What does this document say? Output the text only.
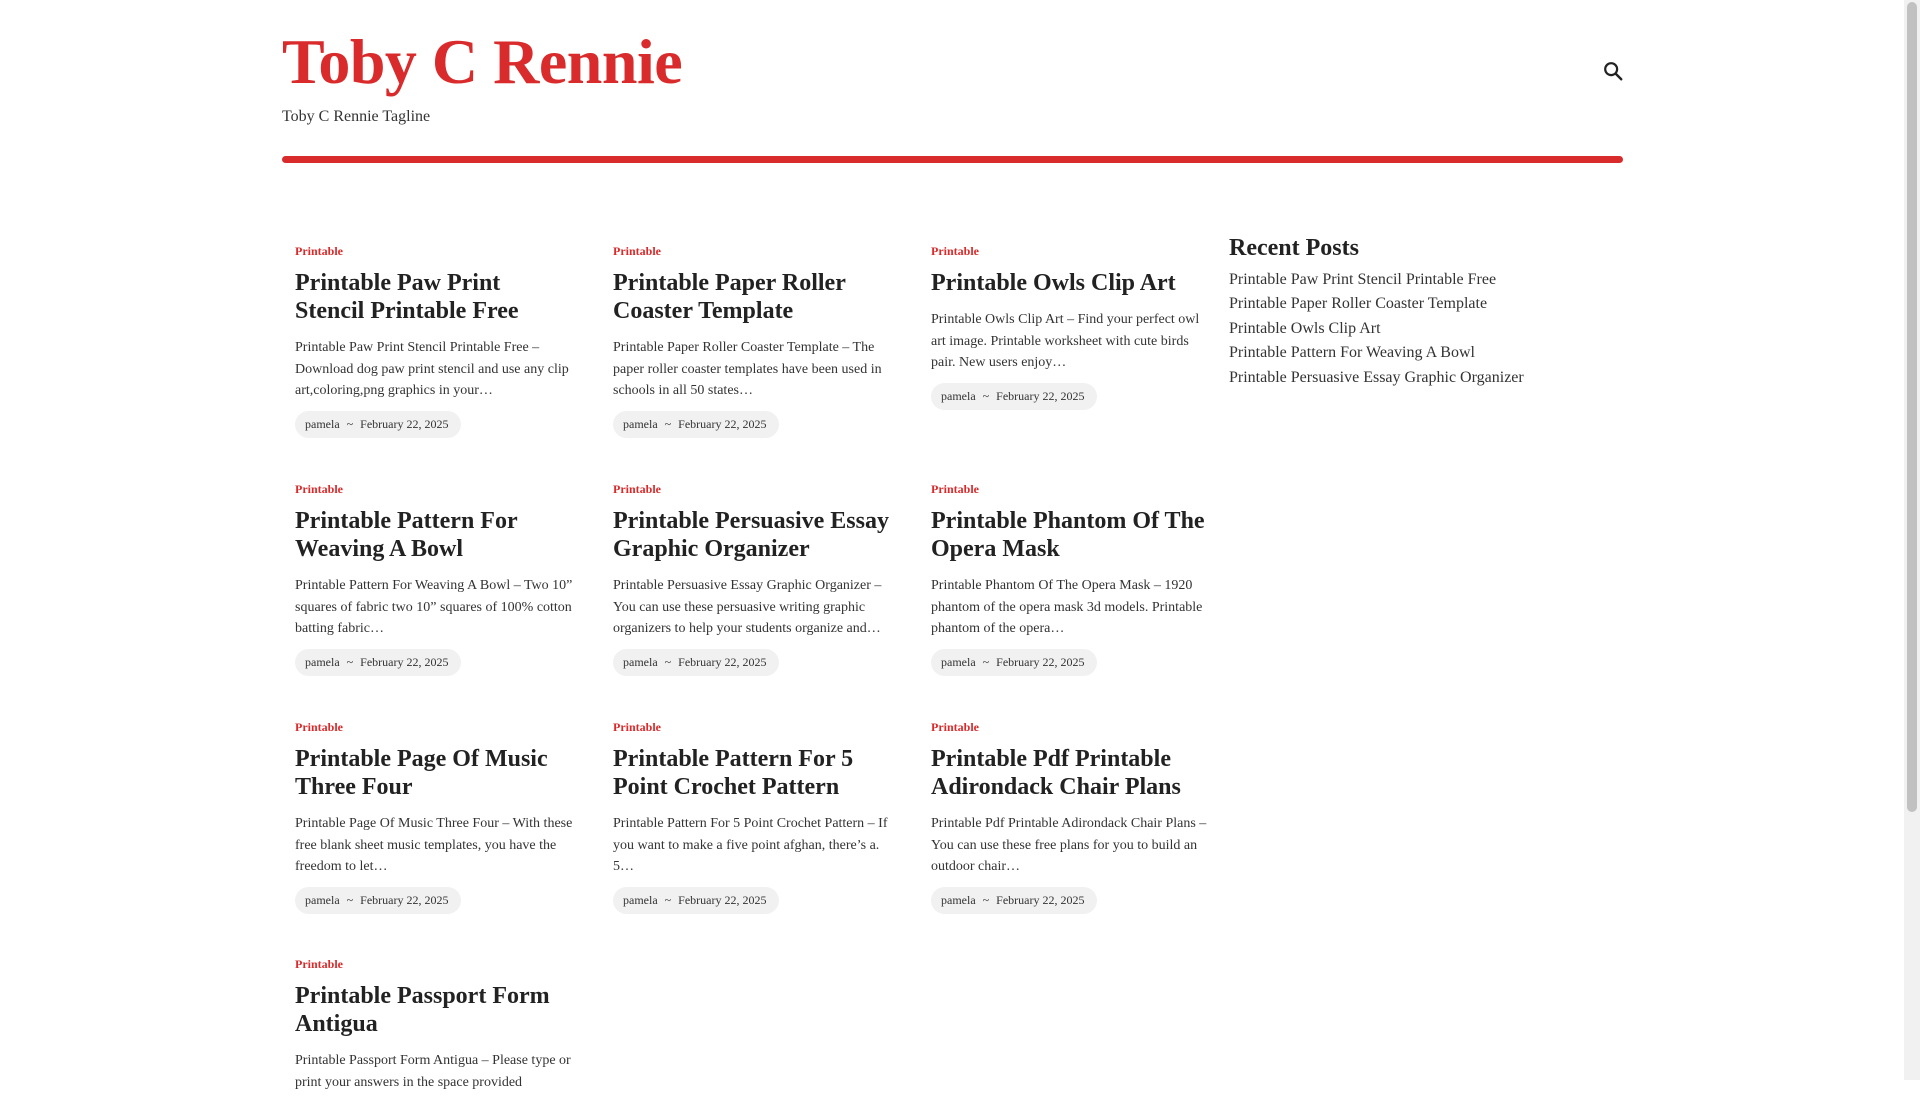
Toby C Rennie
Toby C Rennie Tagline
Printable
Printable Paw Print Stencil Printable Free

Printable Paw Print Stencil Printable Free – Download dog paw print stencil and use any clip art,coloring,png graphics in your…

pamela ~ February 22, 2025
Printable
Printable Paper Roller Coaster Template

Printable Paper Roller Coaster Template – The paper roller coaster templates have been used in schools in all 50 states…

pamela ~ February 22, 2025
Printable
Printable Owls Clip Art

Printable Owls Clip Art – Find your perfect owl art image. Printable worksheet with cute birds pair. New users enjoy…

pamela ~ February 22, 2025
Printable
Printable Pattern For Weaving A Bowl

Printable Pattern For Weaving A Bowl – Two 10” squares of fabric two 10” squares of 100% cotton batting fabric…

pamela ~ February 22, 2025
Printable
Printable Persuasive Essay Graphic Organizer

Printable Persuasive Essay Graphic Organizer – You can use these persuasive writing graphic organizers to help your students organize and…

pamela ~ February 22, 2025
Printable
Printable Phantom Of The Opera Mask

Printable Phantom Of The Opera Mask – 1920 phantom of the opera mask 3d models. Printable phantom of the opera…

pamela ~ February 22, 2025
Printable
Printable Page Of Music Three Four

Printable Page Of Music Three Four – With these free blank sheet music templates, you have the freedom to let…

pamela ~ February 22, 2025
Printable
Printable Pattern For 5 Point Crochet Pattern

Printable Pattern For 5 Point Crochet Pattern – If you want to make a five point afghan, there’s a. 5…

pamela ~ February 22, 2025
Printable
Printable Pdf Printable Adirondack Chair Plans

Printable Pdf Printable Adirondack Chair Plans – You can use these free plans for you to build an outdoor chair…

pamela ~ February 22, 2025
Printable
Printable Passport Form Antigua

Printable Passport Form Antigua – Please type or print your answers in the space provided

Recent Posts
Printable Paw Print Stencil Printable Free
Printable Paper Roller Coaster Template
Printable Owls Clip Art
Printable Pattern For Weaving A Bowl
Printable Persuasive Essay Graphic Organizer
